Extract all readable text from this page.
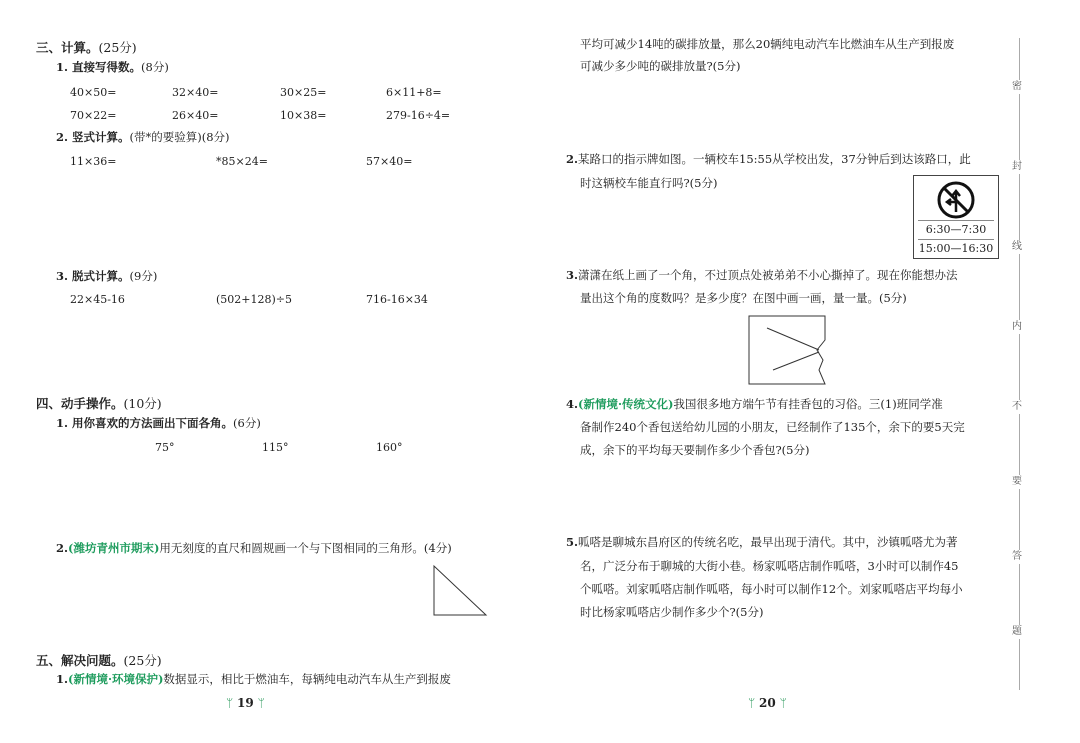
三、计算。(25分)
1. 直接写得数。(8分)
40×50=	32×40=	30×25=	6×11+8=
70×22=	26×40=	10×38=	279-16÷4=
2. 竖式计算。(带*的要验算)(8分)
11×36=	*85×24=	57×40=
3. 脱式计算。(9分)
22×45-16	(502+128)÷5	716-16×34
四、动手操作。(10分)
1. 用你喜欢的方法画出下面各角。(6分)
75°	115°	160°
2.(潍坊青州市期末)用无刻度的直尺和圆规画一个与下图相同的三角形。(4分)
五、解决问题。(25分)
1.(新情境·环境保护)数据显示，相比于燃油车，每辆纯电动汽车从生产到报废
ᛘ 19 ᛘ
平均可减少14吨的碳排放量，那么20辆纯电动汽车比燃油车从生产到报废
可减少多少吨的碳排放量?(5分)
2.某路口的指示牌如图。一辆校车15:55从学校出发，37分钟后到达该路口，此
时这辆校车能直行吗?(5分)
6:30—7:30
15:00—16:30
3.潇潇在纸上画了一个角，不过顶点处被弟弟不小心撕掉了。现在你能想办法
量出这个角的度数吗？是多少度？在图中画一画，量一量。(5分)
4.(新情境·传统文化)我国很多地方端午节有挂香包的习俗。三(1)班同学准
备制作240个香包送给幼儿园的小朋友，已经制作了135个，余下的要5天完
成，余下的平均每天要制作多少个香包?(5分)
5.呱嗒是聊城东昌府区的传统名吃，最早出现于清代。其中，沙镇呱嗒尤为著
名，广泛分布于聊城的大街小巷。杨家呱嗒店制作呱嗒，3小时可以制作45
个呱嗒。刘家呱嗒店制作呱嗒，每小时可以制作12个。刘家呱嗒店平均每小
时比杨家呱嗒店少制作多少个?(5分)
ᛘ 20 ᛘ
密
封
线
内
不
要
答
题
